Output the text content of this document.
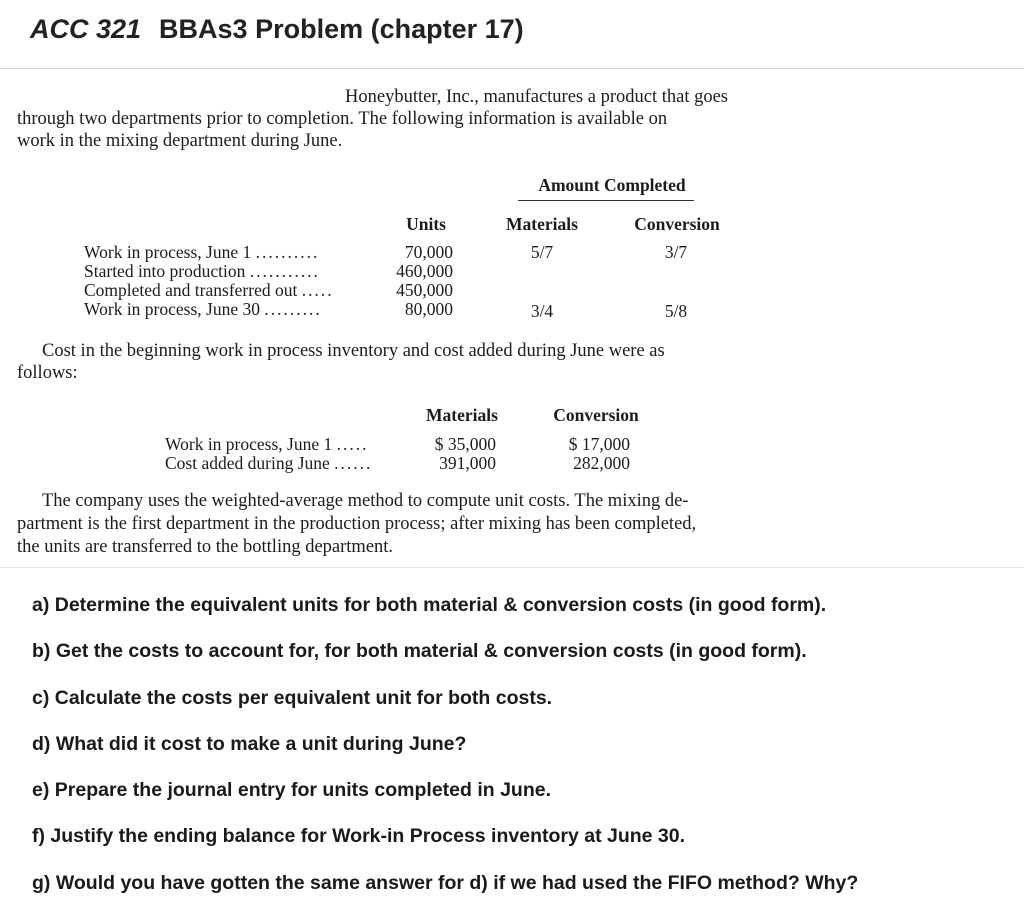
ACC 321 BBAs3 Problem (chapter 17)
Honeybutter, Inc., manufactures a product that goes
through two departments prior to completion. The following information is available on
work in the mixing department during June.
Amount Completed
Units	Materials	Conversion
Work in process, June 1 ..........	70,000	5/7	3/7
Started into production ...........	460,000
Completed and transferred out .....	450,000
Work in process, June 30 .........	80,000	3/4	5/8
Cost in the beginning work in process inventory and cost added during June were as
follows:
Materials	Conversion
Work in process, June 1 .....	$ 35,000	$ 17,000
Cost added during June ......	391,000	282,000
The company uses the weighted-average method to compute unit costs. The mixing de-
partment is the first department in the production process; after mixing has been completed,
the units are transferred to the bottling department.
a) Determine the equivalent units for both material & conversion costs (in good form).
b) Get the costs to account for, for both material & conversion costs (in good form).
c) Calculate the costs per equivalent unit for both costs.
d) What did it cost to make a unit during June?
e) Prepare the journal entry for units completed in June.
f) Justify the ending balance for Work-in Process inventory at June 30.
g) Would you have gotten the same answer for d) if we had used the FIFO method? Why?
